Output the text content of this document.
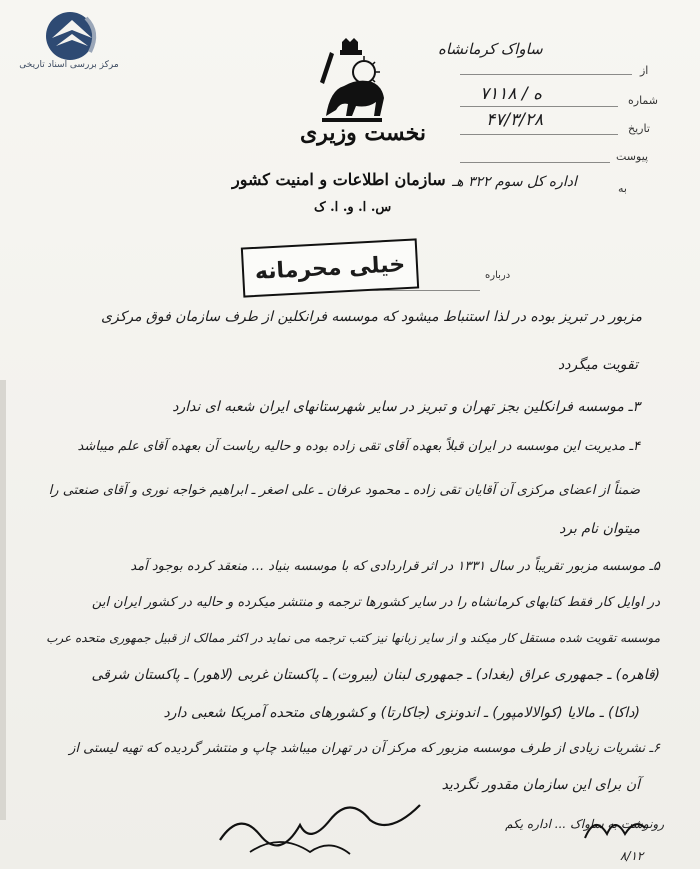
مرکز بررسی اسناد تاریخی
نخست وزیری
سازمان اطلاعات و امنیت کشور
س. ا. و. ا. ک
از
ساواک کرمانشاه
شماره
۷۱۱۸ / ه
تاریخ
۴۷/۳/۲۸
پیوست
به
اداره کل سوم ۳۲۲ هـ
درباره
خیلی محرمانه
مزبور در تبریز بوده در لذا استنباط میشود که موسسه فرانکلین از طرف سازمان فوق مرکزی
تقویت میگردد
۳ـ موسسه فرانکلین بجز تهران و تبریز در سایر شهرستانهای ایران شعبه ای ندارد
۴ـ مدیریت این موسسه در ایران قبلاً بعهده آقای تقی زاده بوده و حالیه ریاست آن بعهده آقای علم میباشد
ضمناً از اعضای مرکزی آن آقایان تقی زاده ـ محمود عرفان ـ علی اصغر ـ ابراهیم خواجه نوری و آقای صنعتی را
میتوان نام برد
۵ـ موسسه مزبور تقریباً در سال ۱۳۳۱ در اثر قراردادی که با موسسه بنیاد ... منعقد کرده بوجود آمد
در اوایل کار فقط کتابهای کرمانشاه را در سایر کشورها ترجمه و منتشر میکرده و حالیه در کشور ایران این
موسسه تقویت شده مستقل کار میکند و از سایر زبانها نیز کتب ترجمه می نماید در اکثر ممالک از قبیل جمهوری متحده عرب
(قاهره) ـ جمهوری عراق (بغداد) ـ جمهوری لبنان (بیروت) ـ پاکستان غربی (لاهور) ـ پاکستان شرقی
(داکا) ـ مالایا (کوالالامپور) ـ اندونزی (جاکارتا) و کشورهای متحده آمریکا شعبی دارد
۶ـ نشریات زیادی از طرف موسسه مزبور که مرکز آن در تهران میباشد چاپ و منتشر گردیده که تهیه لیستی از
آن برای این سازمان مقدور نگردید
رونوشت به ساواک ... اداره یکم
۸/۱۲
